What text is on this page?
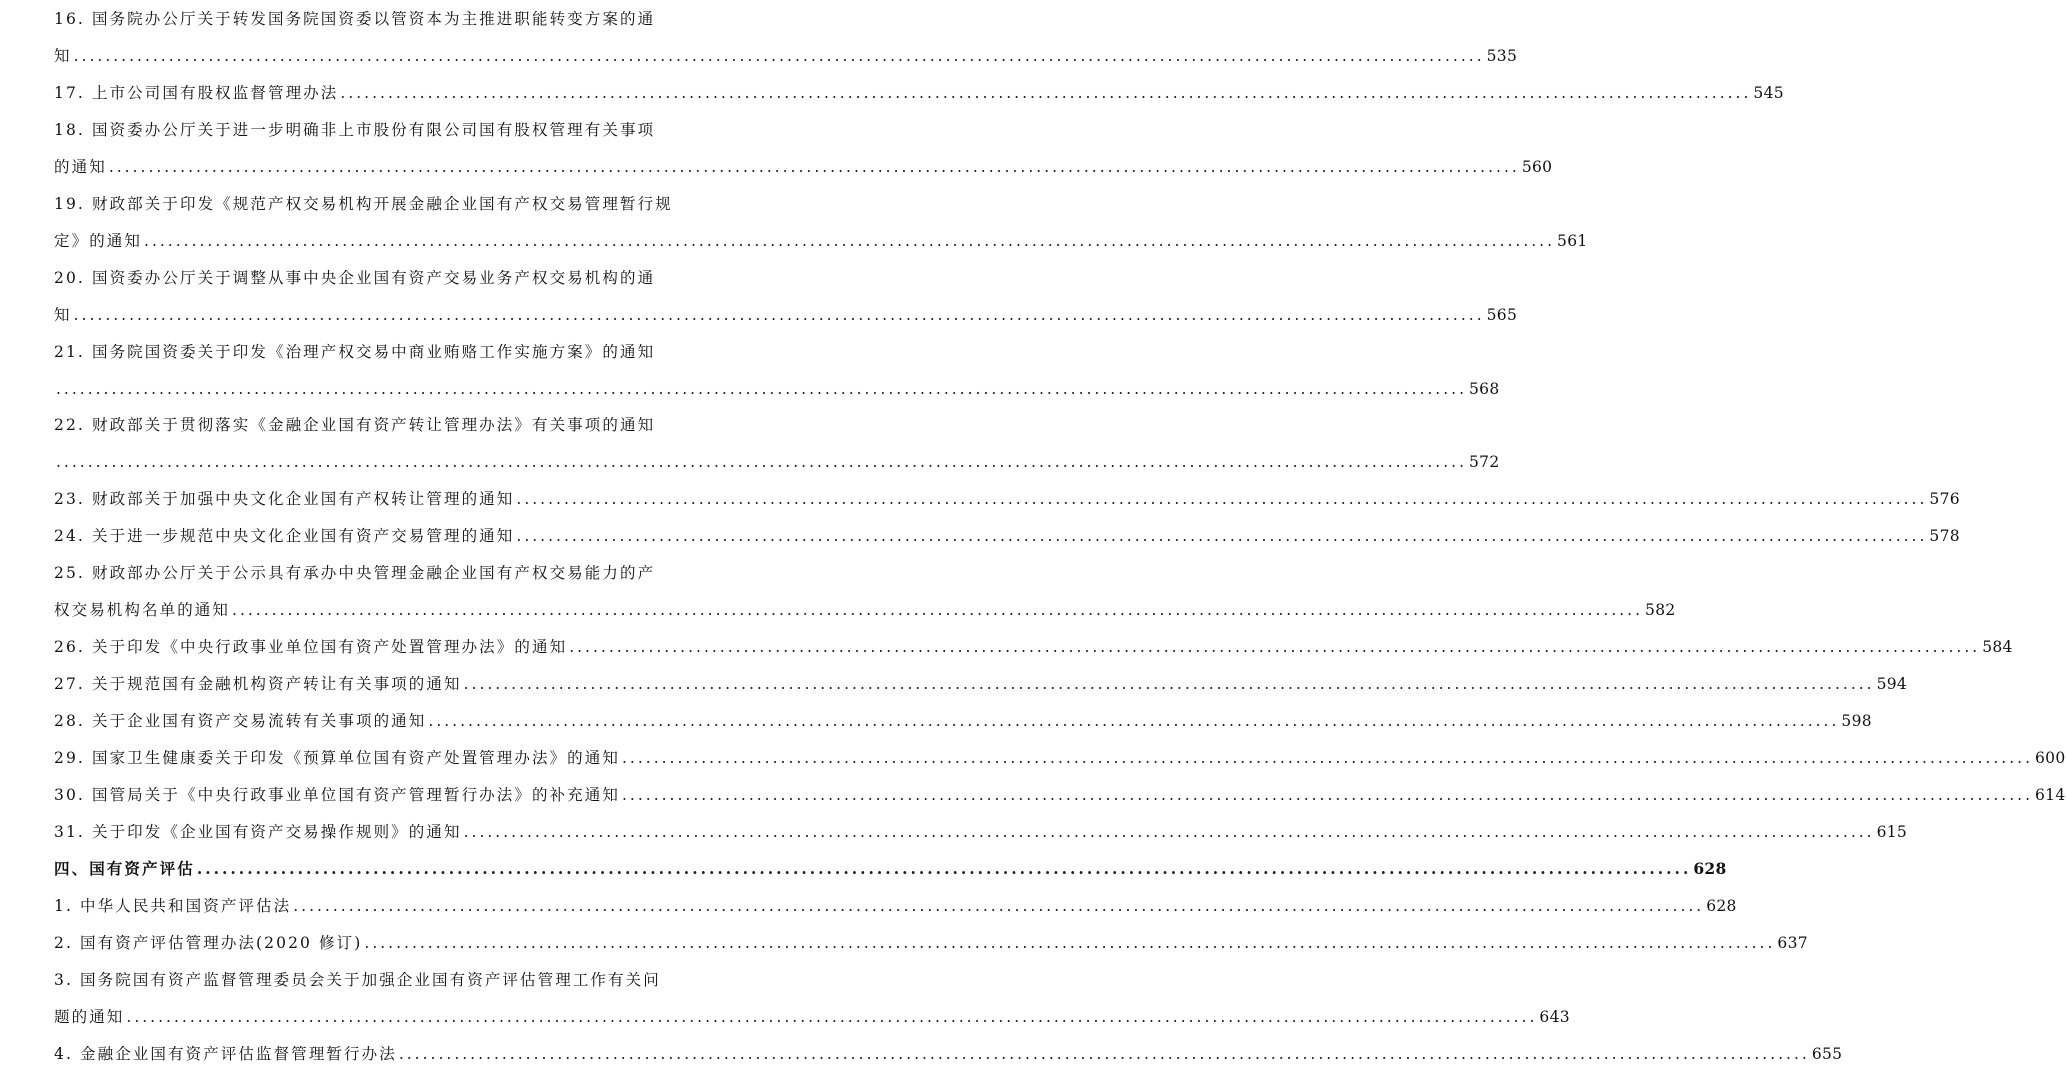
16. 国务院办公厅关于转发国务院国资委以管资本为主推进职能转变方案的通
知 .................................................................................................................................................................................. 535
17. 上市公司国有股权监督管理办法 .................................................................................................................................................................................. 545
18. 国资委办公厅关于进一步明确非上市股份有限公司国有股权管理有关事项
的通知 .................................................................................................................................................................................. 560
19. 财政部关于印发《规范产权交易机构开展金融企业国有产权交易管理暂行规
定》的通知 .................................................................................................................................................................................. 561
20. 国资委办公厅关于调整从事中央企业国有资产交易业务产权交易机构的通
知 .................................................................................................................................................................................. 565
21. 国务院国资委关于印发《治理产权交易中商业贿赂工作实施方案》的通知
.................................................................................................................................................................................. 568
22. 财政部关于贯彻落实《金融企业国有资产转让管理办法》有关事项的通知
.................................................................................................................................................................................. 572
23. 财政部关于加强中央文化企业国有产权转让管理的通知 .................................................................................................................................................................................. 576
24. 关于进一步规范中央文化企业国有资产交易管理的通知 .................................................................................................................................................................................. 578
25. 财政部办公厅关于公示具有承办中央管理金融企业国有产权交易能力的产
权交易机构名单的通知 .................................................................................................................................................................................. 582
26. 关于印发《中央行政事业单位国有资产处置管理办法》的通知 .................................................................................................................................................................................. 584
27. 关于规范国有金融机构资产转让有关事项的通知 .................................................................................................................................................................................. 594
28. 关于企业国有资产交易流转有关事项的通知 .................................................................................................................................................................................. 598
29. 国家卫生健康委关于印发《预算单位国有资产处置管理办法》的通知 .................................................................................................................................................................................. 600
30. 国管局关于《中央行政事业单位国有资产管理暂行办法》的补充通知 .................................................................................................................................................................................. 614
31. 关于印发《企业国有资产交易操作规则》的通知 .................................................................................................................................................................................. 615
四、国有资产评估 .................................................................................................................................................................................. 628
1. 中华人民共和国资产评估法 .................................................................................................................................................................................. 628
2. 国有资产评估管理办法(2020 修订) .................................................................................................................................................................................. 637
3. 国务院国有资产监督管理委员会关于加强企业国有资产评估管理工作有关问
题的通知 .................................................................................................................................................................................. 643
4. 金融企业国有资产评估监督管理暂行办法 .................................................................................................................................................................................. 655
